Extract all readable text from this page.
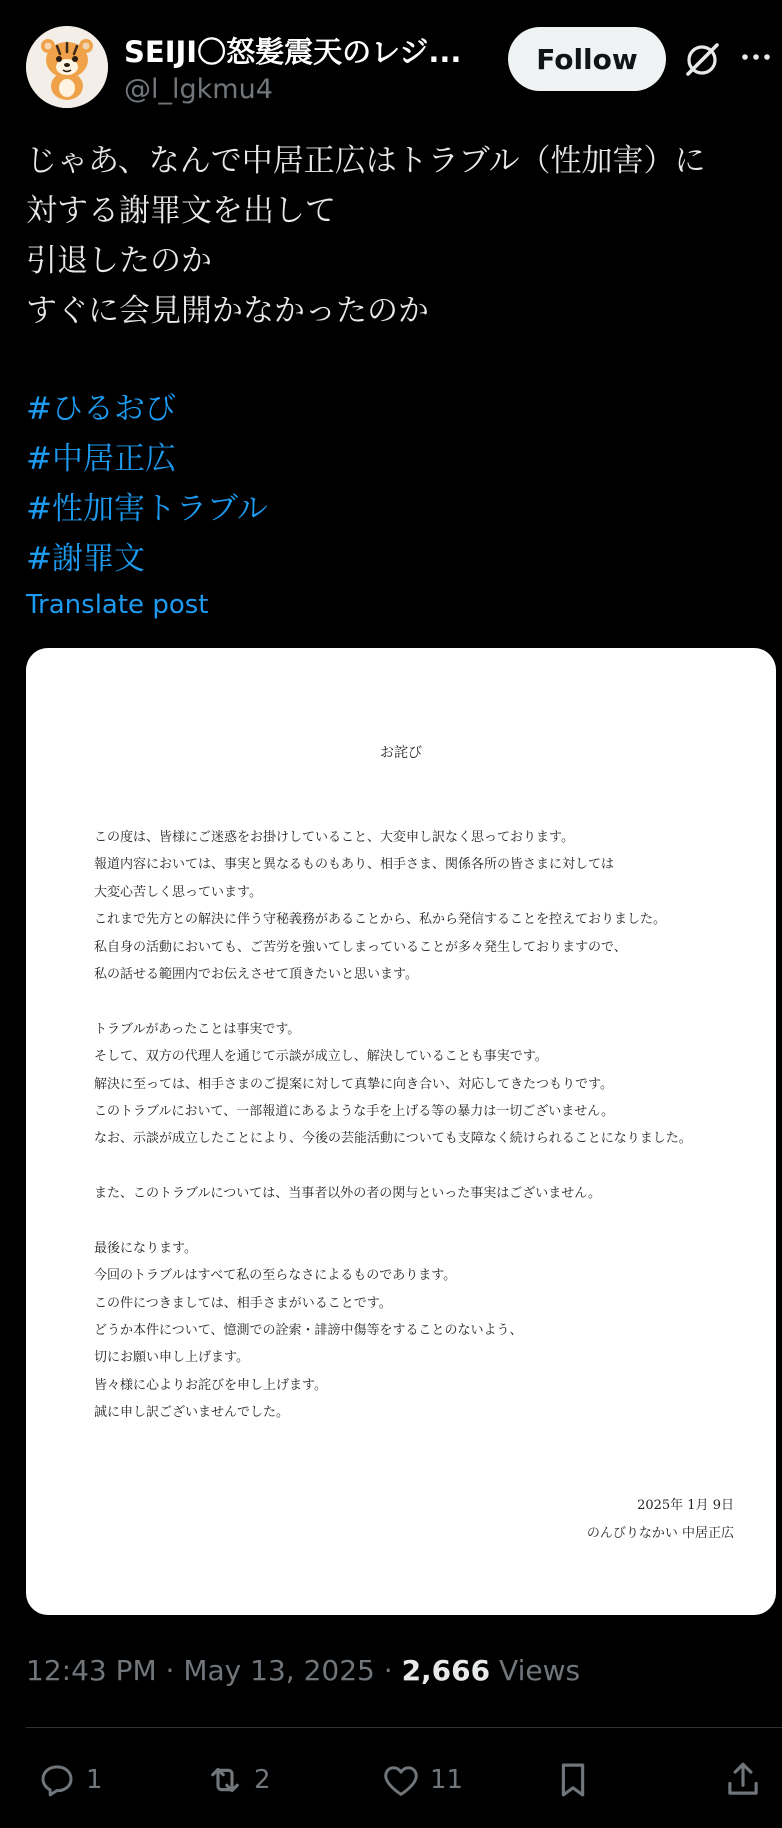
SEIJI〇怒髪震天のレジ...
@l_lgkmu4
Follow
じゃあ、なんで中居正広はトラブル（性加害）に
対する謝罪文を出して
引退したのか
すぐに会見開かなかったのか
#ひるおび
#中居正広
#性加害トラブル
#謝罪文
Translate post
お詫び
この度は、皆様にご迷惑をお掛けしていること、大変申し訳なく思っております。
報道内容においては、事実と異なるものもあり、相手さま、関係各所の皆さまに対しては
大変心苦しく思っています。
これまで先方との解決に伴う守秘義務があることから、私から発信することを控えておりました。
私自身の活動においても、ご苦労を強いてしまっていることが多々発生しておりますので、
私の話せる範囲内でお伝えさせて頂きたいと思います。
トラブルがあったことは事実です。
そして、双方の代理人を通じて示談が成立し、解決していることも事実です。
解決に至っては、相手さまのご提案に対して真摯に向き合い、対応してきたつもりです。
このトラブルにおいて、一部報道にあるような手を上げる等の暴力は一切ございません。
なお、示談が成立したことにより、今後の芸能活動についても支障なく続けられることになりました。
また、このトラブルについては、当事者以外の者の関与といった事実はございません。
最後になります。
今回のトラブルはすべて私の至らなさによるものであります。
この件につきましては、相手さまがいることです。
どうか本件について、憶測での詮索・誹謗中傷等をすることのないよう、
切にお願い申し上げます。
皆々様に心よりお詫びを申し上げます。
誠に申し訳ございませんでした。
2025年 1月 9日
のんびりなかい 中居正広
12:43 PM · May 13, 2025 · 2,666 Views
1	2	11
